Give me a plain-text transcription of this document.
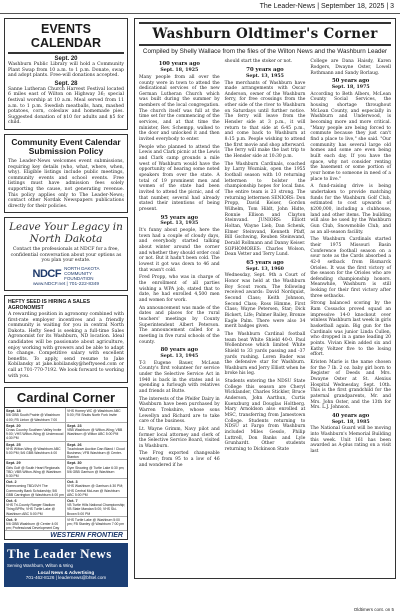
The Leader-News | September 18, 2025 | 3
EVENTS CALENDAR
Sept. 20
Washburn Public Library will hold a Community Plant Swap from 10 a.m. to 1 p.m. Donate, swap and adopt plants. Free-will donations accepted.
Sept. 28
Sanne Lutheran Church Harvest Festival located 6 miles east of Wilton on Highway 36; special festival worship at 10 a.m. Meal served from 11 a.m. to 1 p.m. Swedish meatballs, ham, mashed potatoes, corn, coleslaw and homemade pies. Suggested donation of $10 for adults and $5 for child.
Community Event Calendar Submission Policy
The Leader-News welcomes event submissions, requiring key details (who, what, where, when, why). Eligible listings include public meetings, community events and school events. Free listings must have admission fees solely supporting the cause, not generating revenue. This policy applies only to The Leader-News; contact other Nordak Newspapers publications directly for their policies.
Leave Your Legacy in North Dakota
Contact the professionals at NDCF for a free, confidential conversation about your options as you plan your estate.
NDCF NORTH DAKOTA
COMMUNITY
FOUNDATION
www.NDCF.net | 701-222-8349
HEFTY SEED IS HIRING A SALES AGRONOMIST
A rewarding position in agronomy combined with first-rate employer incentives and a friendly community is waiting for you in central North Dakota. Hefty Seed is seeking a full-time Sales Agronomist for its Washburn, ND location. Ideal candidates will be passionate about agriculture, enjoy working with growers and be able to adapt to change. Competitive salary with excellent benefits. To apply, send resume to Jake Kobilansky at jake.kobilansky@heftyseed.com or call at 701-770-7192. We look forward to working with you.
Cardinal Corner
Sept. 18
5/6 GBB South Prairie @ Washburn 4:00; FB Linton @ Washburn 7:00
VHS Homey WC @ Washburn ABC 5:00; FM Shutts North Fork Invite
Sept. 20
Cross Country Southern Valley Invite 9:00; VHS Wilton-Wing @ Underwood 4:30 PM
Sept. 23
VBB Washburn @ Wilton-Wing; VBB Washburn @ Wilton ABC 5:00 PM
Sept. 25
VHS Wilton-Wing @ Washburn ABC 5:00 PM; 5/6 GBB Washburn 4:00
Sept. 26
Touchdown Auction Dan Bland / Cloud Business; VFB Washburn @ Center-Stanton
Sept. 29
Girls Golf @ South Heart Regionals TBD; VBB Wilton-Wing @ Washburn 5:30 PM
Sept. 30
Gym Showing @ Turtle Lake 6:30 pm; 5/6 GBB Garrison @ Washburn
Oct. 2
Homecoming TBD/JVH The Community Bank Scholarship; 5/6 GBB Carrington @ Washburn 4:00 pm
Oct. 3
VHS Washburn @ Garrison 4:30 PM; VHS Central McLean @ Washburn ABC 5:00 PM
Oct. 6
VHS Tri-County Ranger Stadium Thing BPRs; VHS Turtle Lake @ Washburn ABC 5:00 PM
Oct. 7
VB Turtle Hills National Championship; VB State Mandan 5:00; VHS Ski-Brown 5:00 PM
Oct. 9
5/6 GBB Washburn @ Center 4:00 pm; Professional Development Day
VHS Turtle Lake @ Washburn 5:00 pm; FB Stanley @ Washburn 7:00 pm
WESTERN FRONTIER
The Leader News
Serving Washburn, Wilton & Wing
Local News & Advertising
701-462-8126 | leadernews@bhtel.com
Washburn Oldtimer's Corner
Compiled by Shelly Wallace from the files of the Wilton News and the Washburn Leader
100 years ago
Sept. 18, 1925

Many people from all over the county were in town to attend the dedicational services of the new German Lutheran Church which was built during the summer by members of the local congregation. The church itself was full at the time set for the commencing of the services, and at that time the minister, Rev. Schempp, walked to the door and unlocked it and then invited everybody to enter.

People who planned to attend the Lewis and Clark picnic at the Lewis and Clark camp grounds a mile west of Washburn would have the opportunity of hearing some noted speakers from over the state. A total of 19 prominent men and women of the state had been invited to attend the picnic, and of that number, several had already stated their intentions of being present.

95 years ago
Sept. 13, 1935

It's funny about people, here the town had a couple of cloudy days, and everybody started talking about winter around the corner and whether they should order coal or not. But it hadn't been cold. The lowest it got was down to 46 and that wasn't cold.

Fred Propp, who was in charge of the enrollment of all parties wishing a WPA job, stated that to date, he had enrolled 4,500 men and women for work.

An announcement was made of the dates and places for the rural teachers' meetings by County Superintendent Albert Peterson. The announcement called for a meeting in five rural schools of the county.

80 years ago
Sept. 13, 1945

T-3 Eugene Bauer, McLean County's first volunteer for service under the Selective Service Act in 1940 is back in the states and is spending a furlough with relatives and friends at Butte.

The interests of the Pfeifer Dairy in Washburn have been purchased by Warren Trekshire, whose sons Lewellyn and Richard are to take care of the business.

Lt. Wayne Grimm, Navy pilot and former local attorney and clerk of the Selective Service Board, visited in Washburn.

The Frog exported changeable weather; from 95 to a low of 46 and wondered if he

should start the stoker or not.

70 years ago
Sept. 13, 1955

The merchants of Washburn have made arrangements with Oscar Anderson, owner of the Washburn ferry, for free crossings from the other side of the river to Washburn on Saturdays until further notice. The ferry will leave from the Hensler side at 3 p.m., it will return to that side at 6:45 p.m., and come back to Washburn at 8:15 p.m. People wishing to attend the first movie and shop afterward. The ferry will make the last trip to the Hensler side at 10:30 p.m.

The Washburn Cardinals, coached by Larry Wozniak, open the 1955 football season with 10 returning lettermen to bolster the championship hopes for local fans. The entire team is 23 strong. The returning lettermen SENIORS: Don Propp, David Keiser, Gordon Wilhelm, Tom Hildt, John Hidte, Ronnie Ellison and Clayton Steinvand. JUNIORS: Elliott Holtan, Wayne Lieb, Dan Schenk, Elmer Steinvand, Kenneth Pfaff, Bill Gschwing, Reuben Steinwand, Derald Rollmann and Danny Keiser. SOPHOMORES: Charles Wolson, Dean Vetter and Terry Lund.

65 years ago
Sept. 13, 1960

Wednesday, Sept. 9th a Court of Honor was held at the Washburn Boy Scout room. The following received awards: David Nordquist, Second Class; Keith Johnson, Second Class; Ross Himme, First Class; Wayne Petersen, Star; Dick Bickert, Life; Palmer Bailey, Bronze Eagle Palm. There were also 34 merit badges given.

The Washburn Cardinal football team beat White Shield 40-0. Paul Wollenbrose which limited White Shield to 33 yards passing and -37 yards rushing. Loren Bader was the defensive star for Washburn. Washburn end Jerry Elliott when he broke his leg.

Students entering the NDSU State College this season are Cheryl Wicklander, Charles Stickler, Bruce Anderson, John Aarthun, Curtis Kuenzburg and Douglas Holtberg. Mary Arnoldson also enrolled at MSC, transferring from Jamestown College. Students returning to NDSU at Fargo from Washburn included Miles Gesslo, Philip Luttrell, Don Banks and Lyle Grunhardt. Other students returning to Dickinson State

College are Dana Haisdy, Karen Rodgers, Dwayne Oster, Lowell Rothmann and Sandy Borlaug.

50 years ago
Sept. 18, 1975

According to Beth Albers, McLean County Social Services, the housing shortage throughout McLean County, and especially in Washburn and Underwood, is becoming more and more critical. "Many people are being forced to commute because they just can't find a place to live," she said. "Our community has several large old homes and some are even being built each day. If you have the space, why not consider renting the basement or some portion of your home to someone in need of a place to live."

A fund-raising drive is being undertaken to provide matching funds for the Washburn Golf Club, estimated to cost upwards of $200,000, including a clubhouse, land and other items. The building will also be used by the Washburn Gun Club, Snowmobile Club, and as an all-season facility.

The Washburn Cardinals started their 1975 Missouri Basin Conference football season on a sour note as the Cards absorbed a 42-0 setback from Bismarck Orioles. It was the first victory of the season for the Orioles who are defending championship honors. Meanwhile, Washburn is still looking for their first victory after three setbacks.

Strong balanced scoring by the Ram Cossacks proved squad an impressive 14-0 knockout over winless Washburn last week in girls basketball again. Big gun for the Cardinals was junior Linda Cullen, who dropped in a game leading 20 points. Vivian Klein added six and Kathy Voltzer five to the losing effort.

Kristen Marie is the name chosen for the 7 lb. 2 oz. baby girl born to Register of Deeds and Mrs. Dwayne Oster at St. Alexius Hospital Wednesday, Sept. 10th. This is the first grandchild for the paternal grandparents, Mr. and Mrs. John Oster, and the 13th for Mrs. L.J. Johnson.

40 years ago
Sept. 18, 1985

The National Guard will be moving into Washburn's Memorial Building this week. Unit 161 has been awarded as A-plus rating on a visit last

Oldtimers cont. on 5
